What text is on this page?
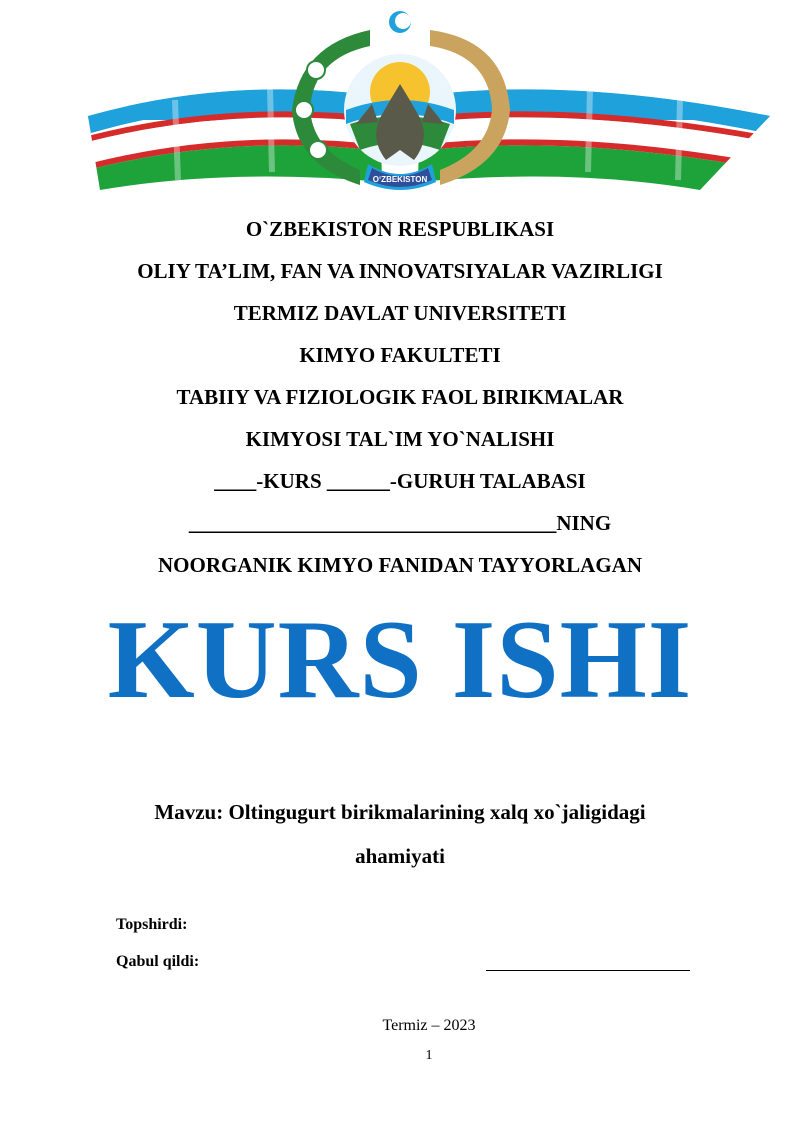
O‘ZBEKISTON
O`ZBEKISTON RESPUBLIKASI
OLIY TA’LIM, FAN VA INNOVATSIYALAR VAZIRLIGI
TERMIZ DAVLAT UNIVERSITETI
KIMYO FAKULTETI
TABIIY VA FIZIOLOGIK FAOL BIRIKMALAR
KIMYOSI TAL`IM YO`NALISHI
____-KURS ______-GURUH TALABASI
___________________________________NING
NOORGANIK KIMYO FANIDAN TAYYORLAGAN
KURS ISHI
Mavzu: Oltingugurt birikmalarining xalq xo`jaligidagi
ahamiyati
Topshirdi:
Qabul qildi:
Termiz – 2023
1
